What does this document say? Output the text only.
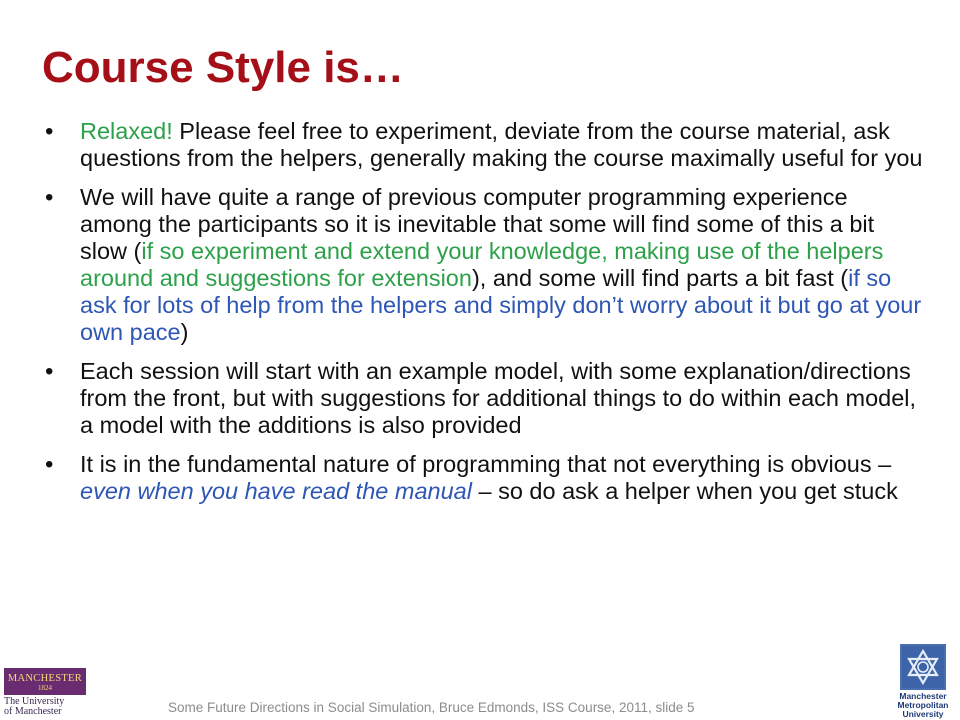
Course Style is…
• Relaxed! Please feel free to experiment, deviate from the course material, ask questions from the helpers, generally making the course maximally useful for you
• We will have quite a range of previous computer programming experience among the participants so it is inevitable that some will find some of this a bit slow (if so experiment and extend your knowledge, making use of the helpers around and suggestions for extension), and some will find parts a bit fast (if so ask for lots of help from the helpers and simply don’t worry about it but go at your own pace)
• Each session will start with an example model, with some explanation/directions from the front, but with suggestions for additional things to do within each model, a model with the additions is also provided
• It is in the fundamental nature of programming that not everything is obvious – even when you have read the manual – so do ask a helper when you get stuck
MANCHESTER
1824
The University
of Manchester	Some Future Directions in Social Simulation, Bruce Edmonds, ISS Course, 2011, slide 5
Manchester
Metropolitan
University
